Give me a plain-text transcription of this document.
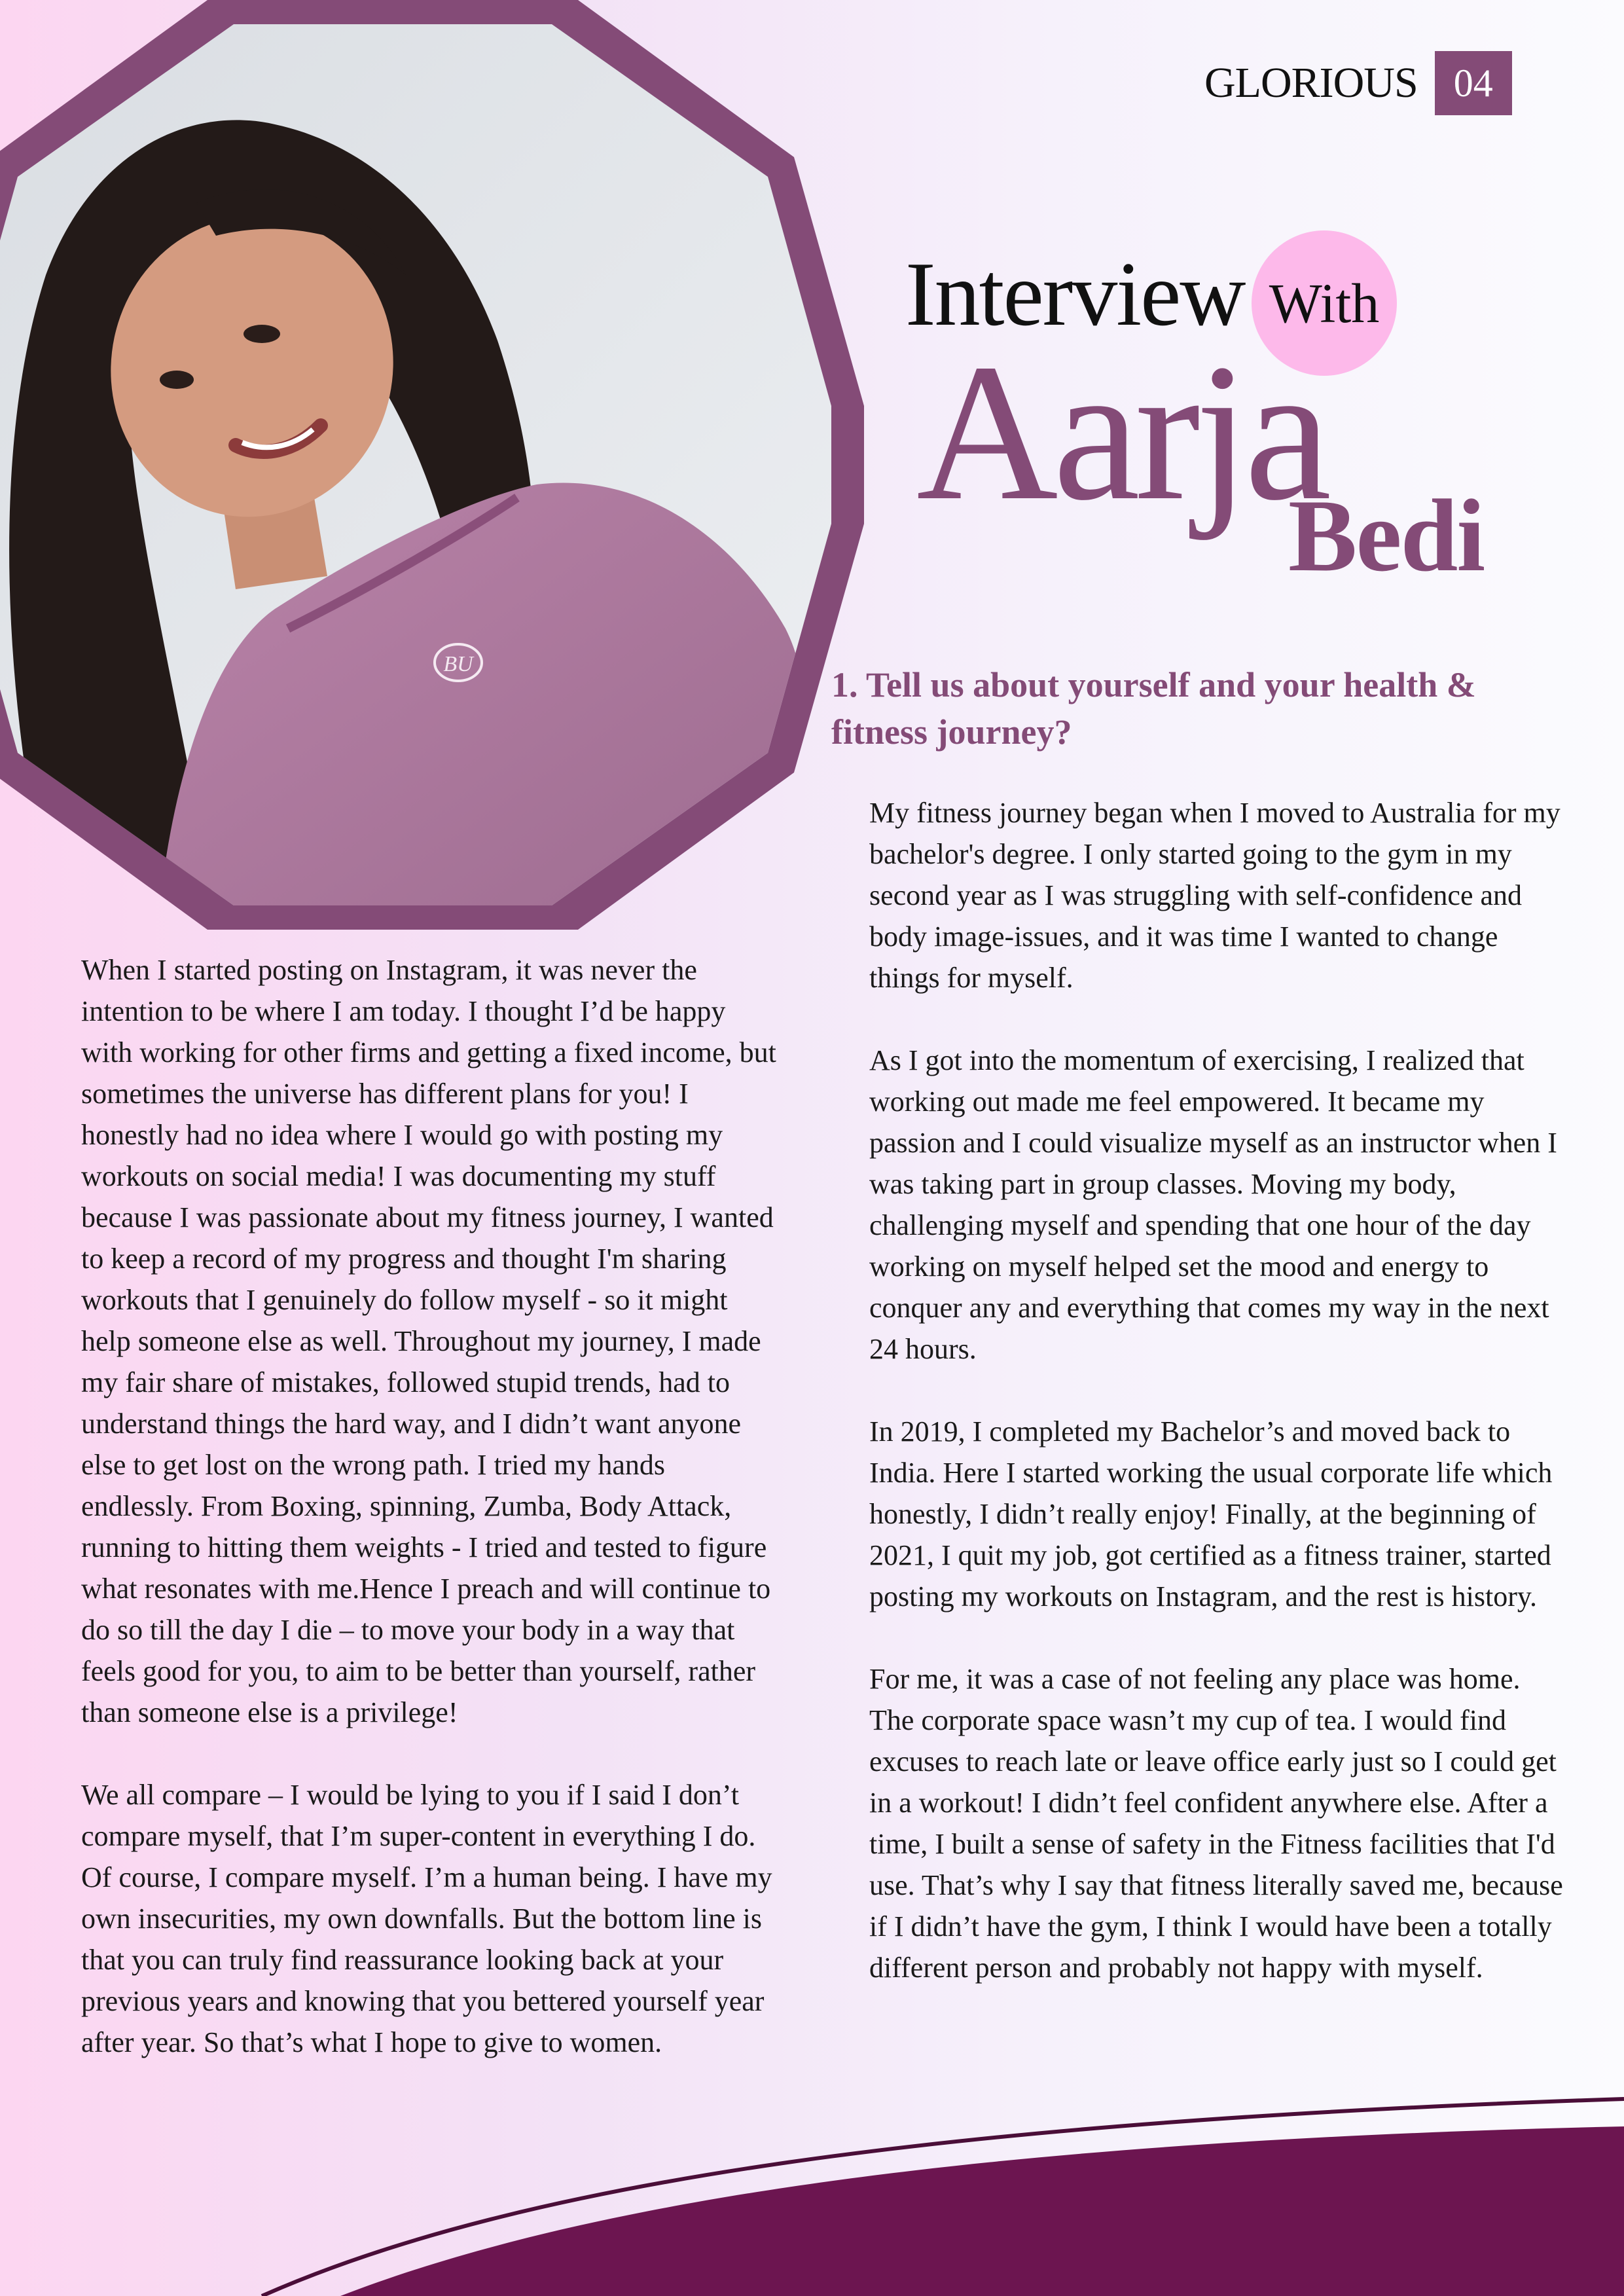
BU
GLORIOUS 04
Interview With
Aarja
Bedi
1. Tell us about yourself and your health & fitness journey?

My fitness journey began when I moved to Australia for my bachelor's degree. I only started going to the gym in my second year as I was struggling with self-confidence and body image-issues, and it was time I wanted to change things for myself.

As I got into the momentum of exercising, I realized that working out made me feel empowered. It became my passion and I could visualize myself as an instructor when I was taking part in group classes. Moving my body, challenging myself and spending that one hour of the day working on myself helped set the mood and energy to conquer any and everything that comes my way in the next 24 hours.

In 2019, I completed my Bachelor’s and moved back to India. Here I started working the usual corporate life which honestly, I didn’t really enjoy! Finally, at the beginning of 2021, I quit my job, got certified as a fitness trainer, started posting my workouts on Instagram, and the rest is history.

For me, it was a case of not feeling any place was home. The corporate space wasn’t my cup of tea. I would find excuses to reach late or leave office early just so I could get in a workout! I didn’t feel confident anywhere else. After a time, I built a sense of safety in the Fitness facilities that I'd use. That’s why I say that fitness literally saved me, because if I didn’t have the gym, I think I would have been a totally different person and probably not happy with myself.

When I started posting on Instagram, it was never the intention to be where I am today. I thought I’d be happy with working for other firms and getting a fixed income, but sometimes the universe has different plans for you! I honestly had no idea where I would go with posting my workouts on social media! I was documenting my stuff because I was passionate about my fitness journey, I wanted to keep a record of my progress and thought I'm sharing workouts that I genuinely do follow myself - so it might help someone else as well. Throughout my journey, I made my fair share of mistakes, followed stupid trends, had to understand things the hard way, and I didn’t want anyone else to get lost on the wrong path. I tried my hands endlessly. From Boxing, spinning, Zumba, Body Attack, running to hitting them weights - I tried and tested to figure what resonates with me.Hence I preach and will continue to do so till the day I die – to move your body in a way that feels good for you, to aim to be better than yourself, rather than someone else is a privilege!

We all compare – I would be lying to you if I said I don’t compare myself, that I’m super-content in everything I do. Of course, I compare myself. I’m a human being. I have my own insecurities, my own downfalls. But the bottom line is that you can truly find reassurance looking back at your previous years and knowing that you bettered yourself year after year. So that’s what I hope to give to women.
